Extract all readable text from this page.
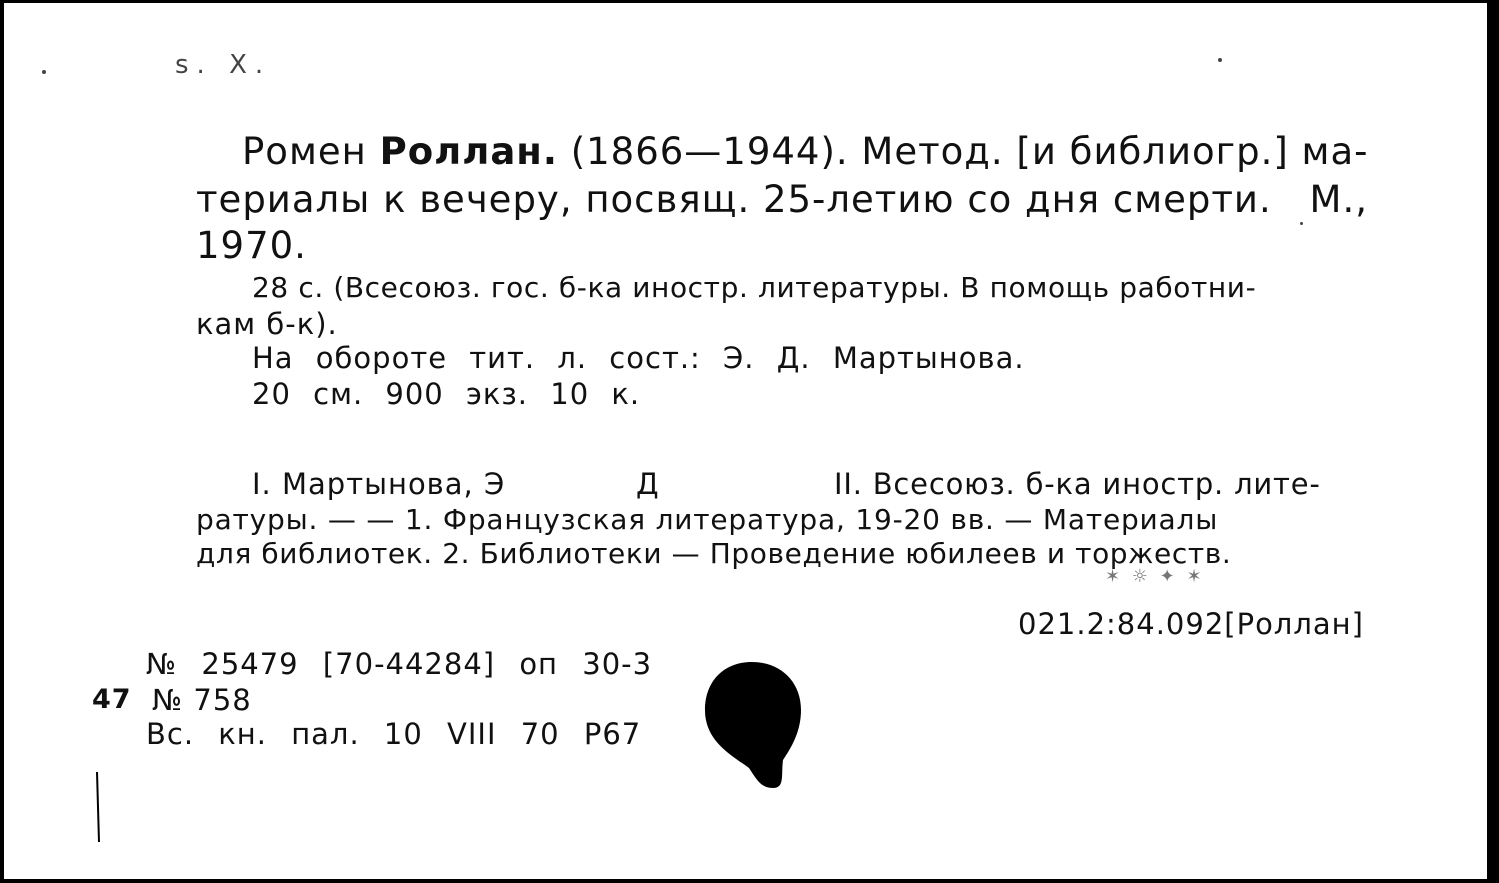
s. X.
Ромен Роллан. (1866—1944). Метод. [и библиогр.] ма-
териалы к вечеру, посвящ. 25-летию со дня смерти. М.,
1970.
28 с. (Всесоюз. гос. б-ка иностр. литературы. В помощь работни-
кам б-к).
На обороте тит. л. сост.: Э. Д. Мартынова.
20 см. 900 экз. 10 к.
I. Мартынова, Э	Д	II. Всесоюз. б-ка иностр. лите-
ратуры. — — 1. Французская литература, 19-20 вв. — Материалы
для библиотек. 2. Библиотеки — Проведение юбилеев и торжеств.
✶ ☼ ✦ ✶
021.2:84.092[Роллан]
№ 25479 [70-44284] оп 30-3
47 № 758
Вс. кн. пал. 10 VIII 70 Р67
